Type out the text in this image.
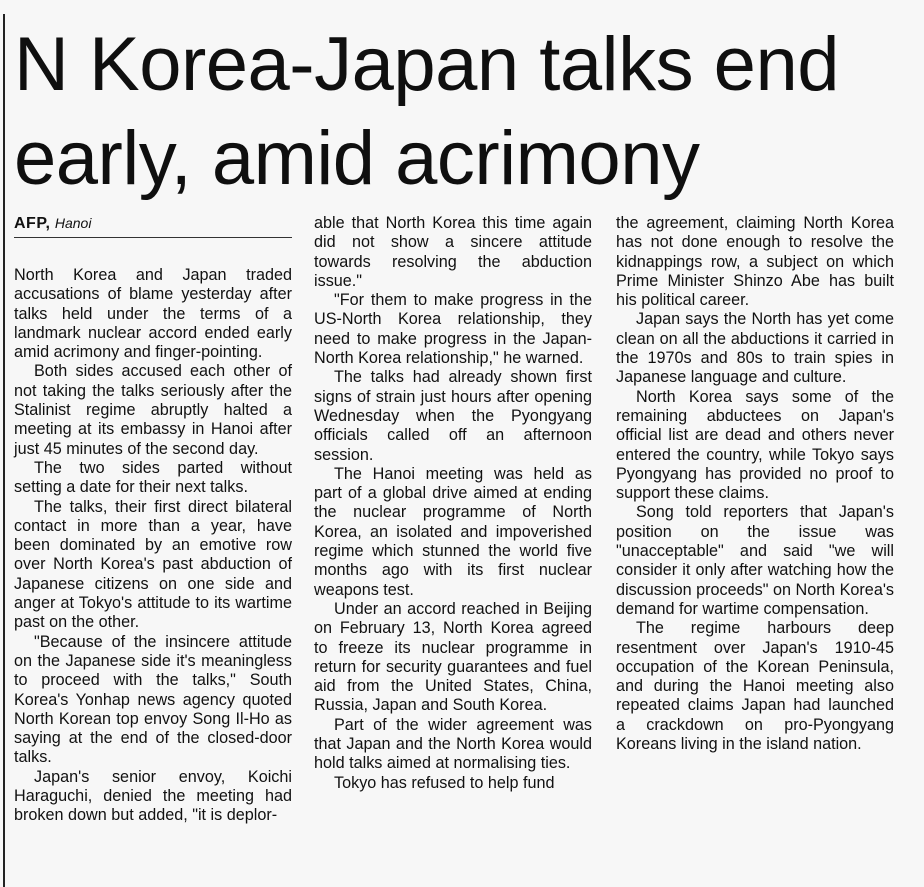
N Korea-Japan talks end
early, amid acrimony
AFP, Hanoi

North Korea and Japan traded accusations of blame yesterday after talks held under the terms of a landmark nuclear accord ended early amid acrimony and finger-pointing.

Both sides accused each other of not taking the talks seriously after the Stalinist regime abruptly halted a meeting at its embassy in Hanoi after just 45 minutes of the second day.

The two sides parted without setting a date for their next talks.

The talks, their first direct bilateral contact in more than a year, have been dominated by an emotive row over North Korea's past abduction of Japanese citizens on one side and anger at Tokyo's attitude to its wartime past on the other.

"Because of the insincere attitude on the Japanese side it's meaningless to proceed with the talks," South Korea's Yonhap news agency quoted North Korean top envoy Song Il-Ho as saying at the end of the closed-door talks.

Japan's senior envoy, Koichi Haraguchi, denied the meeting had broken down but added, "it is deplor-

able that North Korea this time again did not show a sincere attitude towards resolving the abduction issue."

"For them to make progress in the US-North Korea relationship, they need to make progress in the Japan-North Korea relationship," he warned.

The talks had already shown first signs of strain just hours after opening Wednesday when the Pyongyang officials called off an afternoon session.

The Hanoi meeting was held as part of a global drive aimed at ending the nuclear programme of North Korea, an isolated and impoverished regime which stunned the world five months ago with its first nuclear weapons test.

Under an accord reached in Beijing on February 13, North Korea agreed to freeze its nuclear programme in return for security guarantees and fuel aid from the United States, China, Russia, Japan and South Korea.

Part of the wider agreement was that Japan and the North Korea would hold talks aimed at normalising ties.

Tokyo has refused to help fund

the agreement, claiming North Korea has not done enough to resolve the kidnappings row, a subject on which Prime Minister Shinzo Abe has built his political career.

Japan says the North has yet come clean on all the abductions it carried in the 1970s and 80s to train spies in Japanese language and culture.

North Korea says some of the remaining abductees on Japan's official list are dead and others never entered the country, while Tokyo says Pyongyang has provided no proof to support these claims.

Song told reporters that Japan's position on the issue was "unacceptable" and said "we will consider it only after watching how the discussion proceeds" on North Korea's demand for wartime compensation.

The regime harbours deep resentment over Japan's 1910-45 occupation of the Korean Peninsula, and during the Hanoi meeting also repeated claims Japan had launched a crackdown on pro-Pyongyang Koreans living in the island nation.
